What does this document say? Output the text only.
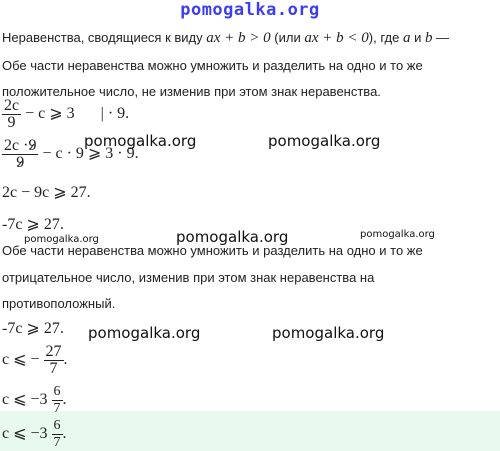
pomogalka.org
Неравенства, сводящиеся к виду ax + b > 0 (или ax + b < 0), где a и b —
Обе части неравенства можно умножить и разделить на одно и то же
положительное число, не изменив при этом знак неравенства.
$\frac{2c}{9} - c$ ⩾ 3 | · 9.
$\frac{2c \cdot 9}{9} - c \cdot 9$ ⩾ 3 · 9.
2c − 9c ⩾ 27.
-7c ⩾ 27.
Обе части неравенства можно умножить и разделить на одно и то же
отрицательное число, изменив при этом знак неравенства на
противоположный.
-7c ⩾ 27.
c ⩽ − $\frac{27}{7}$ .
c ⩽ $-3 \frac{6}{7}$ .
c ⩽ $-3 \frac{6}{7}$ .
pomogalka.org	pomogalka.org
pomogalka.org	pomogalka.org	pomogalka.org
pomogalka.org	pomogalka.org
